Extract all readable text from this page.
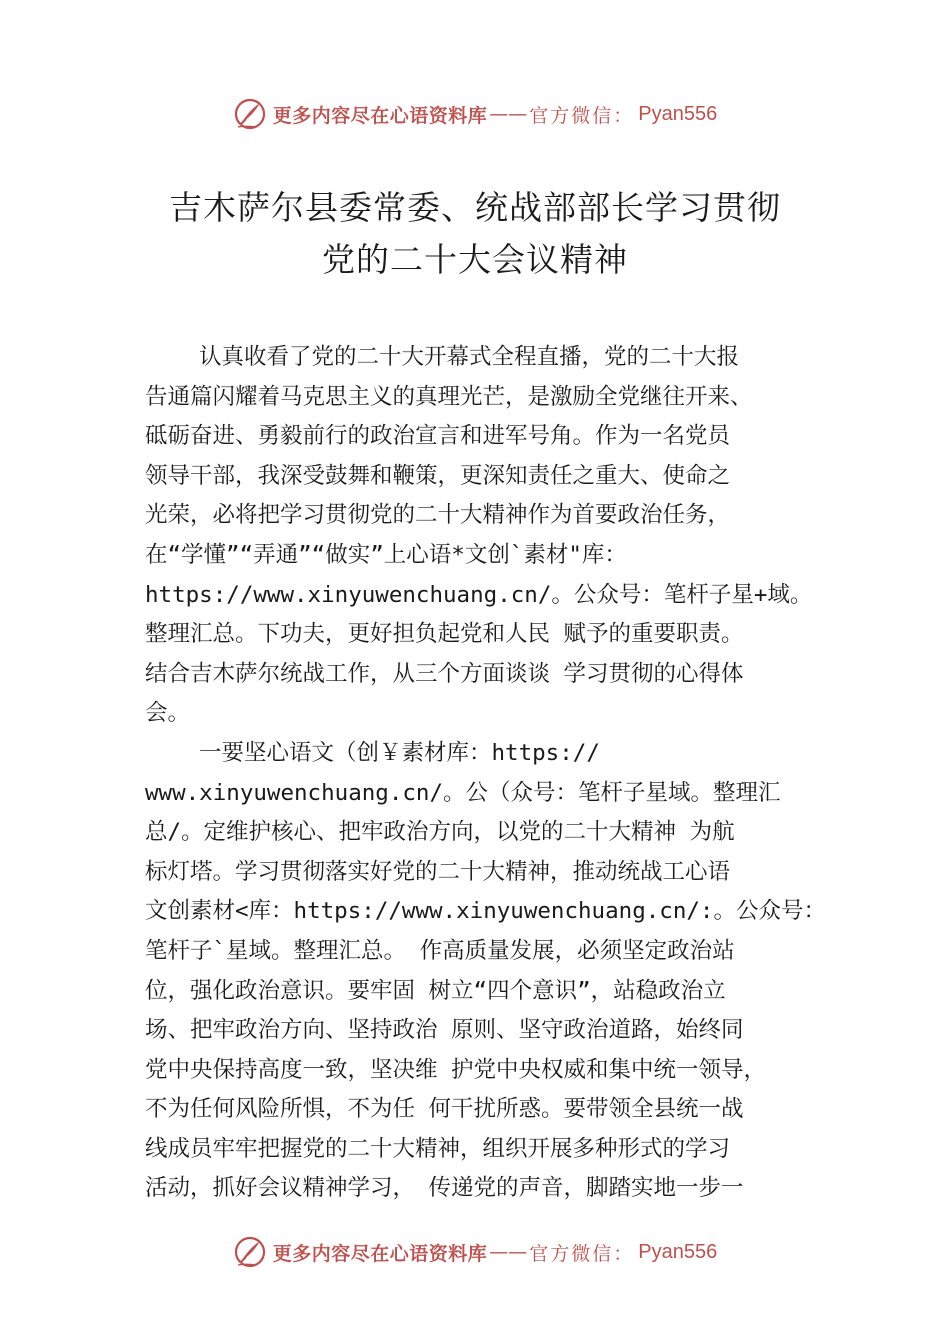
更多内容尽在心语资料库 —— 官方微信： Pyan556
吉木萨尔县委常委、统战部部长学习贯彻
党的二十大会议精神
认真收看了党的二十大开幕式全程直播，党的二十大报
告通篇闪耀着马克思主义的真理光芒，是激励全党继往开来、
砥砺奋进、勇毅前行的政治宣言和进军号角。作为一名党员
领导干部，我深受鼓舞和鞭策，更深知责任之重大、使命之
光荣，必将把学习贯彻党的二十大精神作为首要政治任务，
在“学懂”“弄通”“做实”上心语*文创`素材"库：
https://www.xinyuwenchuang.cn/。公众号：笔杆子星+域。
整理汇总。下功夫，更好担负起党和人民 赋予的重要职责。
结合吉木萨尔统战工作，从三个方面谈谈 学习贯彻的心得体
会。
一要坚心语文（创￥素材库：https://
www.xinyuwenchuang.cn/。公（众号：笔杆子星域。整理汇
总/。定维护核心、把牢政治方向，以党的二十大精神 为航
标灯塔。学习贯彻落实好党的二十大精神，推动统战工心语
文创素材<库：https://www.xinyuwenchuang.cn/:。公众号：
笔杆子`星域。整理汇总。 作高质量发展，必须坚定政治站
位，强化政治意识。要牢固 树立“四个意识”，站稳政治立
场、把牢政治方向、坚持政治 原则、坚守政治道路，始终同
党中央保持高度一致，坚决维 护党中央权威和集中统一领导，
不为任何风险所惧，不为任 何干扰所惑。要带领全县统一战
线成员牢牢把握党的二十大精神，组织开展多种形式的学习
活动，抓好会议精神学习， 传递党的声音，脚踏实地一步一
更多内容尽在心语资料库 —— 官方微信： Pyan556
